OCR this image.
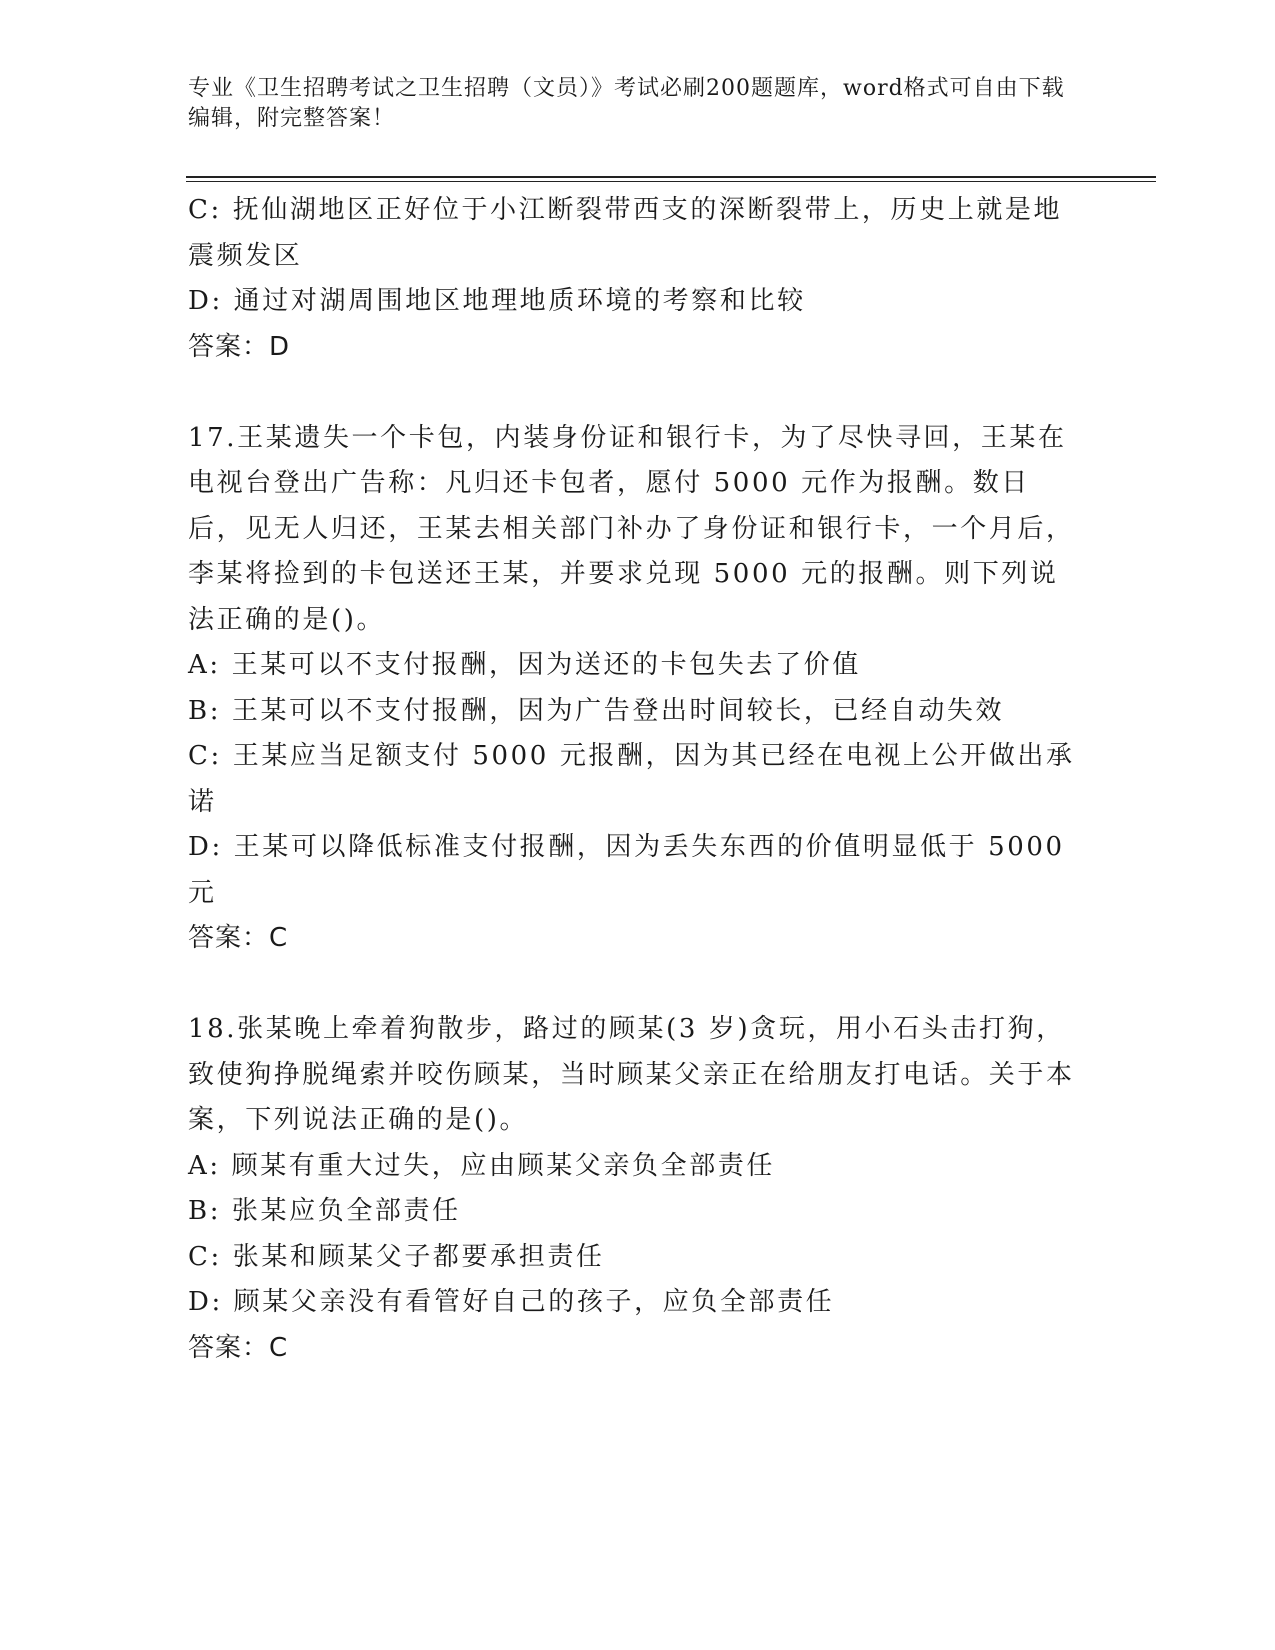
专业《卫生招聘考试之卫生招聘（文员）》考试必刷200题题库，word格式可自由下载编辑，附完整答案！
C: 抚仙湖地区正好位于小江断裂带西支的深断裂带上，历史上就是地震频发区
D: 通过对湖周围地区地理地质环境的考察和比较
答案：D
17.王某遗失一个卡包，内装身份证和银行卡，为了尽快寻回，王某在电视台登出广告称：凡归还卡包者，愿付 5000 元作为报酬。数日后，见无人归还，王某去相关部门补办了身份证和银行卡，一个月后，李某将捡到的卡包送还王某，并要求兑现 5000 元的报酬。则下列说法正确的是()。
A: 王某可以不支付报酬，因为送还的卡包失去了价值
B: 王某可以不支付报酬，因为广告登出时间较长，已经自动失效
C: 王某应当足额支付 5000 元报酬，因为其已经在电视上公开做出承诺
D: 王某可以降低标准支付报酬，因为丢失东西的价值明显低于 5000元
答案：C
18.张某晚上牵着狗散步，路过的顾某(3 岁)贪玩，用小石头击打狗，致使狗挣脱绳索并咬伤顾某，当时顾某父亲正在给朋友打电话。关于本案，下列说法正确的是()。
A: 顾某有重大过失，应由顾某父亲负全部责任
B: 张某应负全部责任
C: 张某和顾某父子都要承担责任
D: 顾某父亲没有看管好自己的孩子，应负全部责任
答案：C
